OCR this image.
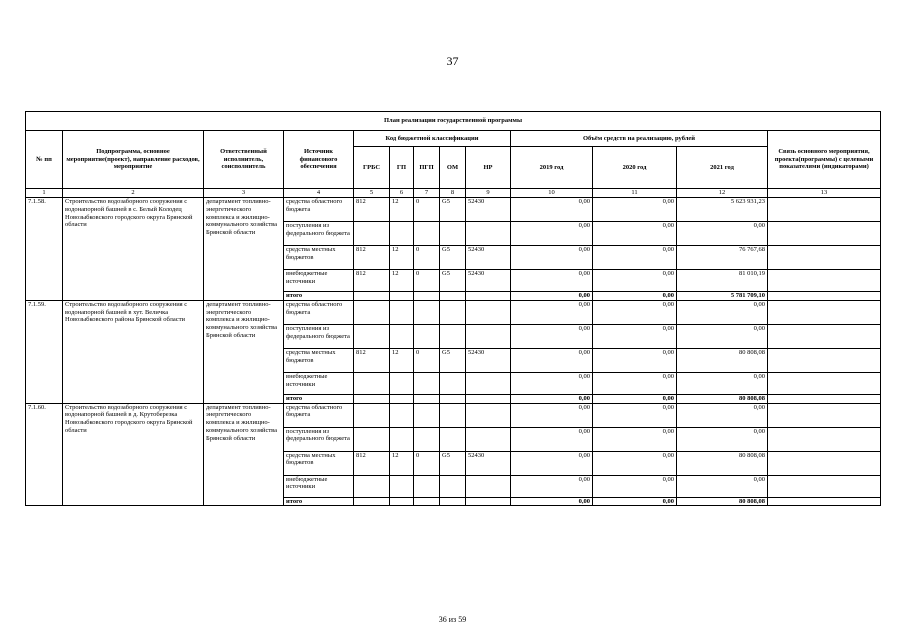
37
План реализации государственной программы												
№ пп	Подпрограмма, основное мероприятие(проект), направление расходов, мероприятие	Ответственный исполнитель, соисполнитель	Источник финансового обеспечения	Код бюджетной классификации					Объём средств на реализацию, рублей			Связь основного мероприятия, проекта(программы) с целевыми показателями (индикаторами)
				ГРБС	ГП	ПГП	ОМ	НР	2019 год	2020 год	2021 год	
1	2	3	4	5	6	7	8	9	10	11	12	13
7.1.58.	Строительство водозаборного сооружения с водонапорной башней в с. Белый Колодец Новозыбковского городского округа Брянской области	департамент топливно-энергетического комплекса и жилищно-коммунального хозяйства Брянской области	средства областного бюджета	812	12	0	G5	52430	0,00	0,00	5 623 931,23	
			поступления из федерального бюджета						0,00	0,00	0,00	
			средства местных бюджетов	812	12	0	G5	52430	0,00	0,00	76 767,68	
			внебюджетные источники	812	12	0	G5	52430	0,00	0,00	81 010,19	
			итого						0,00	0,00	5 781 709,10	
7.1.59.	Строительство водозаборного сооружения с водонапорной башней в хут. Величка Новозыбковского района Брянской области	департамент топливно-энергетического комплекса и жилищно-коммунального хозяйства Брянской области	средства областного бюджета						0,00	0,00	0,00	
			поступления из федерального бюджета						0,00	0,00	0,00	
			средства местных бюджетов	812	12	0	G5	52430	0,00	0,00	80 808,08	
			внебюджетные источники						0,00	0,00	0,00	
			итого						0,00	0,00	80 808,08	
7.1.60.	Строительство водозаборного сооружения с водонапорной башней в д. Крутоберезка Новозыбковского городского округа Брянской области	департамент топливно-энергетического комплекса и жилищно-коммунального хозяйства Брянской области	средства областного бюджета						0,00	0,00	0,00	
			поступления из федерального бюджета						0,00	0,00	0,00	
			средства местных бюджетов	812	12	0	G5	52430	0,00	0,00	80 808,08	
			внебюджетные источники						0,00	0,00	0,00	
			итого						0,00	0,00	80 808,08	
36 из 59
